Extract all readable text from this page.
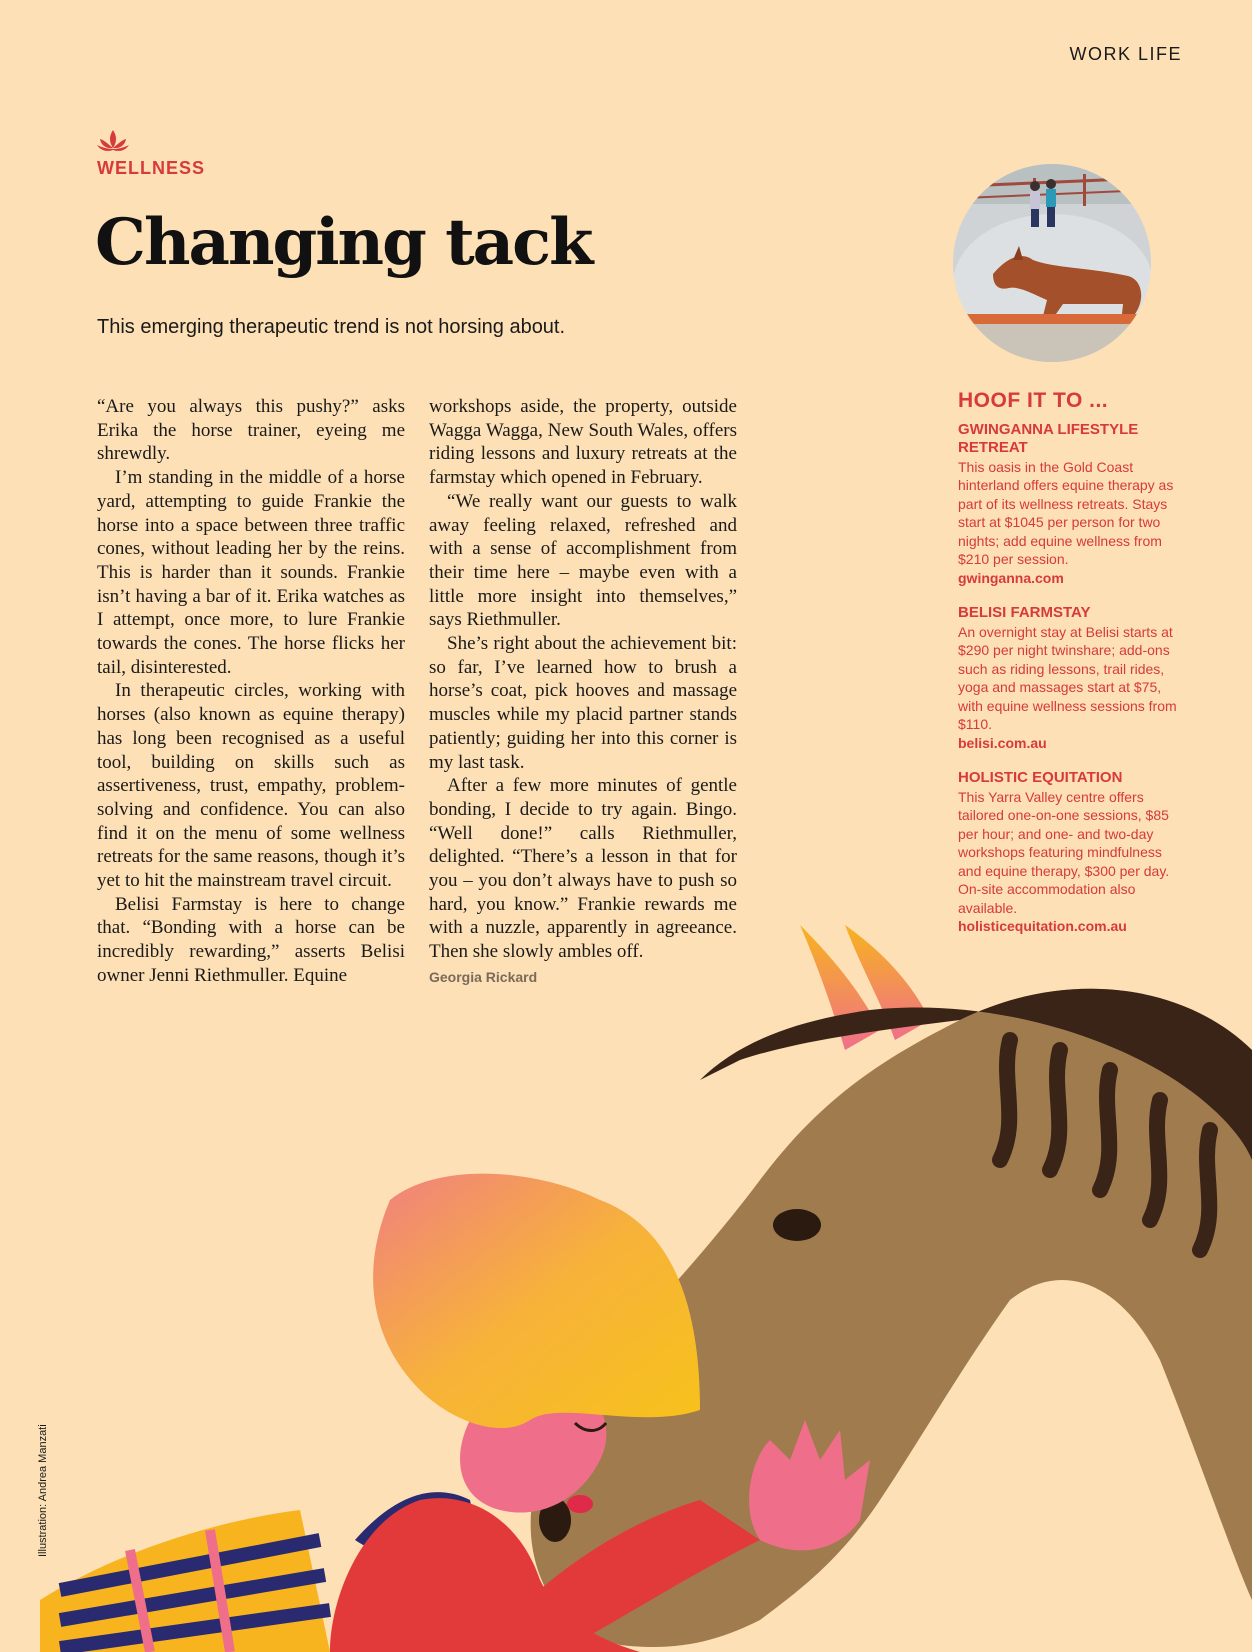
WORK LIFE
WELLNESS
Changing tack
This emerging therapeutic trend is not horsing about.

“Are you always this pushy?” asks Erika the horse trainer, eyeing me shrewdly.

I’m standing in the middle of a horse yard, attempting to guide Frankie the horse into a space between three traffic cones, without leading her by the reins. This is harder than it sounds. Frankie isn’t having a bar of it. Erika watches as I attempt, once more, to lure Frankie towards the cones. The horse flicks her tail, disinterested.

In therapeutic circles, working with horses (also known as equine therapy) has long been recognised as a useful tool, building on skills such as assertiveness, trust, empathy, problem-solving and confidence. You can also find it on the menu of some wellness retreats for the same reasons, though it’s yet to hit the mainstream travel circuit.

Belisi Farmstay is here to change that. “Bonding with a horse can be incredibly rewarding,” asserts Belisi owner Jenni Riethmuller. Equine

workshops aside, the property, outside Wagga Wagga, New South Wales, offers riding lessons and luxury retreats at the farmstay which opened in February.

“We really want our guests to walk away feeling relaxed, refreshed and with a sense of accomplishment from their time here – maybe even with a little more insight into themselves,” says Riethmuller.

She’s right about the achievement bit: so far, I’ve learned how to brush a horse’s coat, pick hooves and massage muscles while my placid partner stands patiently; guiding her into this corner is my last task.

After a few more minutes of gentle bonding, I decide to try again. Bingo. “Well done!” calls Riethmuller, delighted. “There’s a lesson in that for you – you don’t always have to push so hard, you know.” Frankie rewards me with a nuzzle, apparently in agreeance. Then she slowly ambles off.

Georgia Rickard
HOOF IT TO ...
GWINGANNA LIFESTYLE RETREAT
This oasis in the Gold Coast hinterland offers equine therapy as part of its wellness retreats. Stays start at $1045 per person for two nights; add equine wellness from $210 per session.
gwinganna.com
BELISI FARMSTAY
An overnight stay at Belisi starts at $290 per night twinshare; add-ons such as riding lessons, trail rides, yoga and massages start at $75, with equine wellness sessions from $110.
belisi.com.au
HOLISTIC EQUITATION
This Yarra Valley centre offers tailored one-on-one sessions, $85 per hour; and one- and two-day workshops featuring mindfulness and equine therapy, $300 per day. On-site accommodation also available.
holisticequitation.com.au
Illustration: Andrea Manzati
